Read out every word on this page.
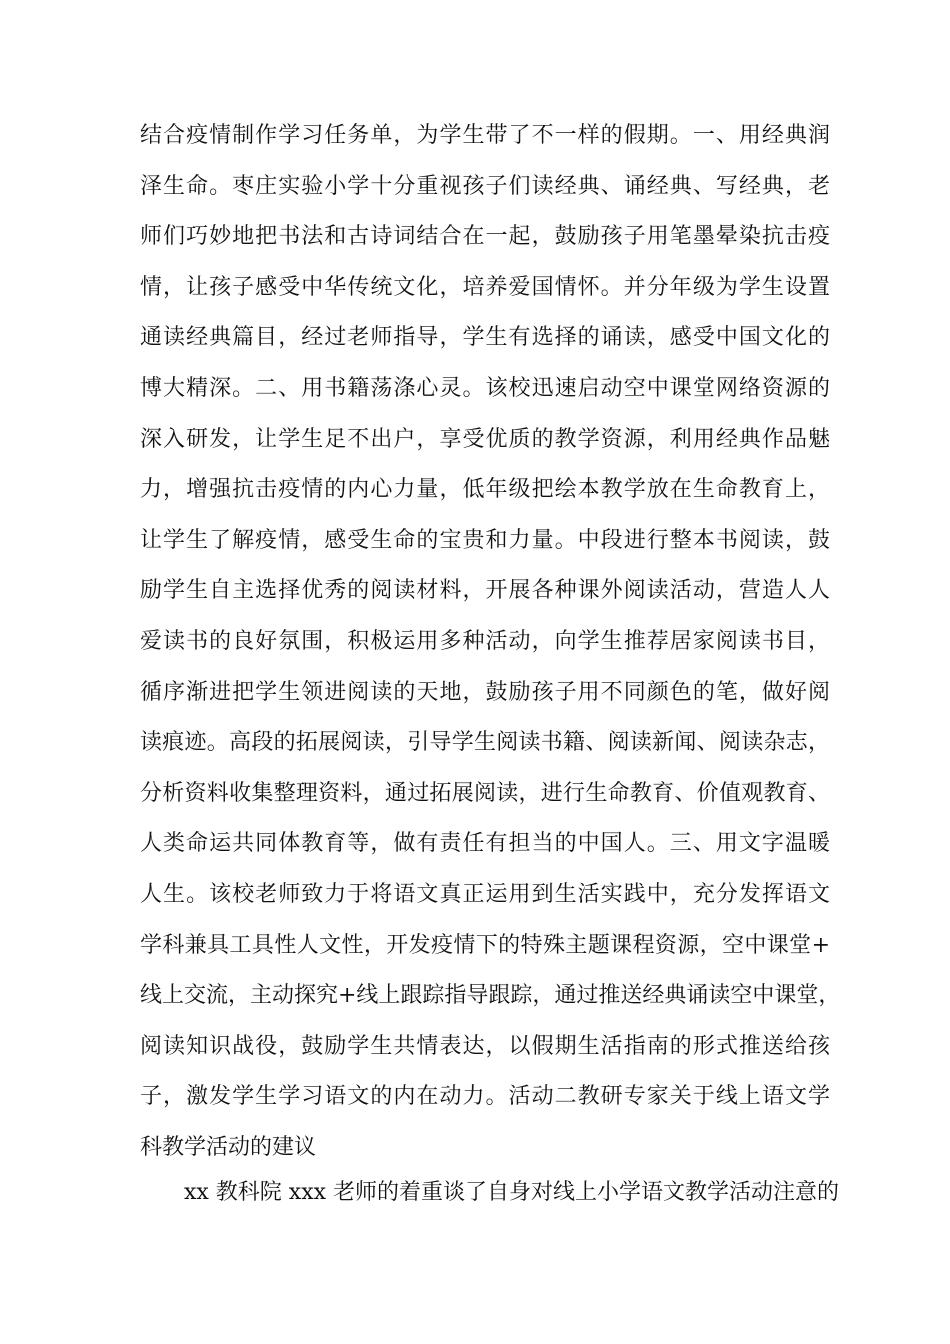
结合疫情制作学习任务单，为学生带了不一样的假期。一、用经典润
泽生命。枣庄实验小学十分重视孩子们读经典、诵经典、写经典，老
师们巧妙地把书法和古诗词结合在一起，鼓励孩子用笔墨晕染抗击疫
情，让孩子感受中华传统文化，培养爱国情怀。并分年级为学生设置
通读经典篇目，经过老师指导，学生有选择的诵读，感受中国文化的
博大精深。二、用书籍荡涤心灵。该校迅速启动空中课堂网络资源的
深入研发，让学生足不出户，享受优质的教学资源，利用经典作品魅
力，增强抗击疫情的内心力量，低年级把绘本教学放在生命教育上，
让学生了解疫情，感受生命的宝贵和力量。中段进行整本书阅读，鼓
励学生自主选择优秀的阅读材料，开展各种课外阅读活动，营造人人
爱读书的良好氛围，积极运用多种活动，向学生推荐居家阅读书目，
循序渐进把学生领进阅读的天地，鼓励孩子用不同颜色的笔，做好阅
读痕迹。高段的拓展阅读，引导学生阅读书籍、阅读新闻、阅读杂志，
分析资料收集整理资料，通过拓展阅读，进行生命教育、价值观教育、
人类命运共同体教育等，做有责任有担当的中国人。三、用文字温暖
人生。该校老师致力于将语文真正运用到生活实践中，充分发挥语文
学科兼具工具性人文性，开发疫情下的特殊主题课程资源，空中课堂+
线上交流，主动探究+线上跟踪指导跟踪，通过推送经典诵读空中课堂，
阅读知识战役，鼓励学生共情表达，以假期生活指南的形式推送给孩
子，激发学生学习语文的内在动力。活动二教研专家关于线上语文学
科教学活动的建议
xx 教科院 xxx 老师的着重谈了自身对线上小学语文教学活动注意的
